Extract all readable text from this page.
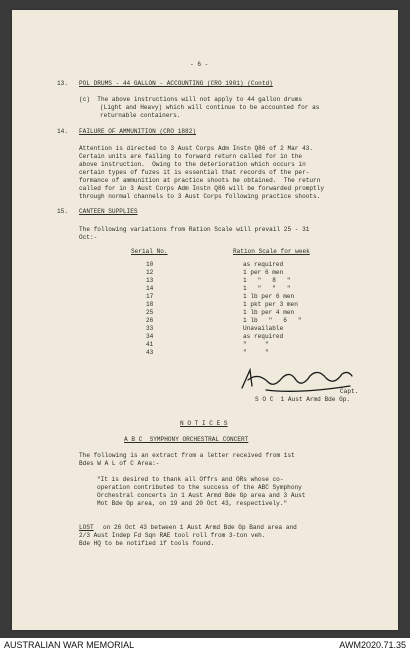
- 6 -
13. POL DRUMS - 44 GALLON - ACCOUNTING (CRO 1901) (Contd)
(c)  The above instructions will not apply to 44 gallon drums
(Light and Heavy) which will continue to be accounted for as
returnable containers.
14. FAILURE OF AMMUNITION (CRO 1882)
Attention is directed to 3 Aust Corps Adm Instn Q86 of 2 Mar 43.
Certain units are failing to forward return called for in the
above instruction.  Owing to the deterioration which occurs in
certain types of fuzes it is essential that records of the per-
formance of ammunition at practice shoots be obtained.  The return
called for in 3 Aust Corps Adm Instn Q86 will be forwarded promptly
through normal channels to 3 Aust Corps following practice shoots.
15. CANTEEN SUPPLIES
The following variations from Ration Scale will prevail 25 - 31
Oct:-
Serial No.	Ration Scale for week
10	as required
12	1 per 6 men
13	1   "   8   "
14	1   "   "   "
17	1 lb per 6 men
18	1 pkt per 3 men
25	1 lb per 4 men
26	1 lb   "   6   "
33	Unavailable
34	as required
41	"     "
43	"     "
Capt.
S O C  1 Aust Armd Bde Gp.
N O T I C E S
A B C  SYMPHONY ORCHESTRAL CONCERT
The following is an extract from a letter received from 1st
Bdes W A L of C Area:-
"It is desired to thank all Offrs and ORs whose co-
operation contributed to the success of the ABC Symphony
Orchestral concerts in 1 Aust Armd Bde Gp area and 3 Aust
Mot Bde Gp area, on 19 and 20 Oct 43, respectively."
LOST on 26 Oct 43 between 1 Aust Armd Bde Gp Band area and
2/3 Aust Indep Fd Sqn RAE tool roll from 3-ton veh.
Bde HQ to be notified if tools found.
AUSTRALIAN WAR MEMORIAL	AWM2020.71.35
